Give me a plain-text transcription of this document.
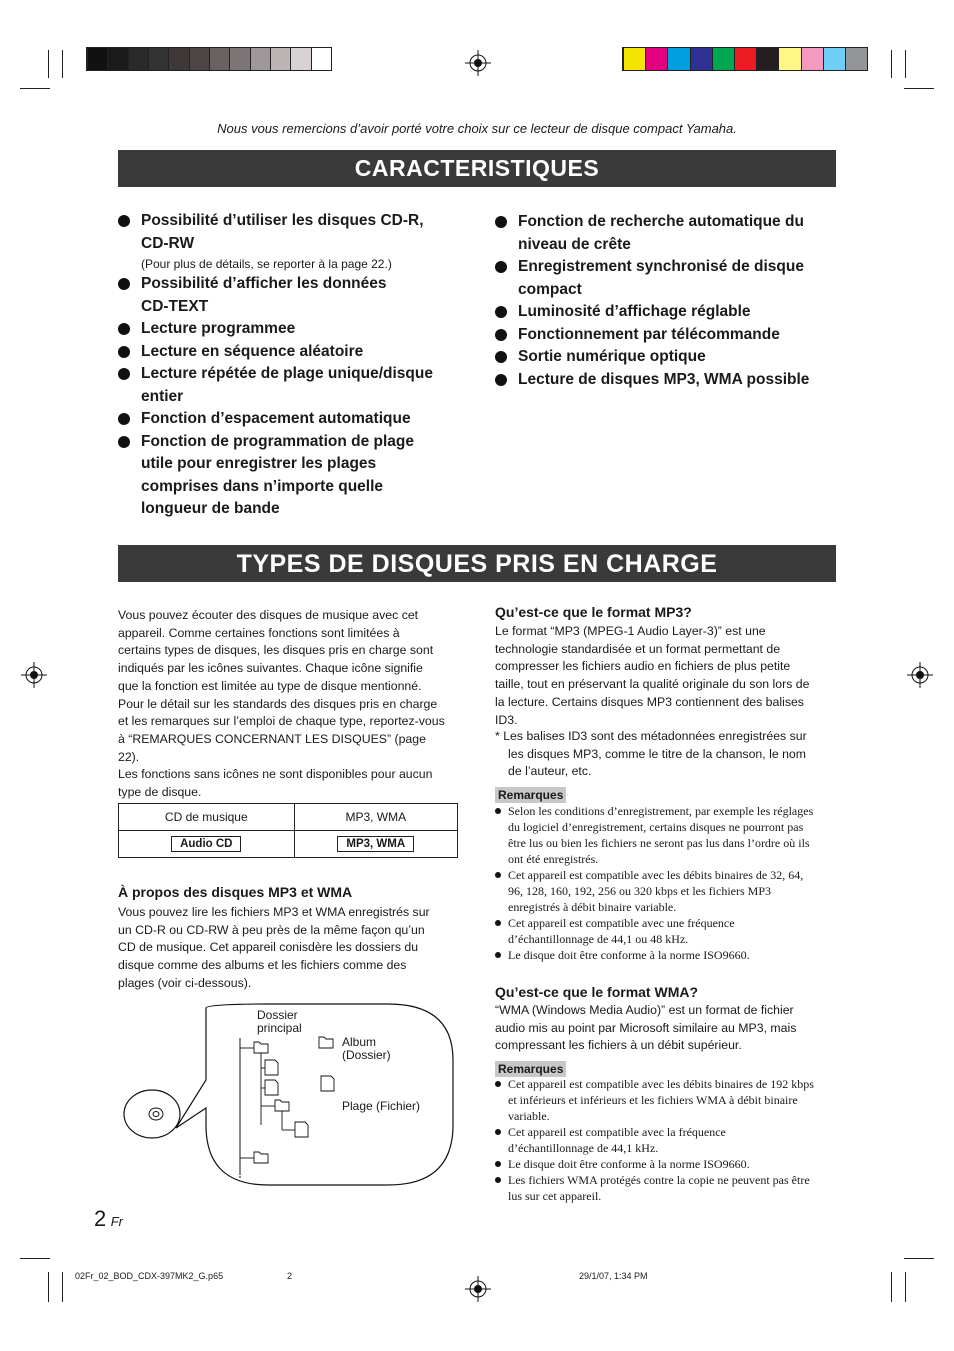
Nous vous remercions d’avoir porté votre choix sur ce lecteur de disque compact Yamaha.
CARACTERISTIQUES
Possibilité d’utiliser les disques CD-R,
CD-RW
(Pour plus de détails, se reporter à la page 22.)
Possibilité d’afficher les données
CD-TEXT
Lecture programmee
Lecture en séquence aléatoire
Lecture répétée de plage unique/disque
entier
Fonction d’espacement automatique
Fonction de programmation de plage
utile pour enregistrer les plages
comprises dans n’importe quelle
longueur de bande
Fonction de recherche automatique du
niveau de crête
Enregistrement synchronisé de disque
compact
Luminosité d’affichage réglable
Fonctionnement par télécommande
Sortie numérique optique
Lecture de disques MP3, WMA possible
TYPES DE DISQUES PRIS EN CHARGE
Vous pouvez écouter des disques de musique avec cet
appareil. Comme certaines fonctions sont limitées à
certains types de disques, les disques pris en charge sont
indiqués par les icônes suivantes. Chaque icône signifie
que la fonction est limitée au type de disque mentionné.
Pour le détail sur les standards des disques pris en charge
et les remarques sur l’emploi de chaque type, reportez-vous
à “REMARQUES CONCERNANT LES DISQUES” (page
22).
Les fonctions sans icônes ne sont disponibles pour aucun
type de disque.
CD de musique	MP3, WMA
Audio CD	MP3, WMA
À propos des disques MP3 et WMA
Vous pouvez lire les fichiers MP3 et WMA enregistrés sur
un CD-R ou CD-RW à peu près de la même façon qu’un
CD de musique. Cet appareil conisdère les dossiers du
disque comme des albums et les fichiers comme des
plages (voir ci-dessous).
Dossier
principal
Album
(Dossier)
Plage (Fichier)
Qu’est-ce que le format MP3?
Le format “MP3 (MPEG-1 Audio Layer-3)” est une
technologie standardisée et un format permettant de
compresser les fichiers audio en fichiers de plus petite
taille, tout en préservant la qualité originale du son lors de
la lecture. Certains disques MP3 contiennent des balises
ID3.
* Les balises ID3 sont des métadonnées enregistrées sur
les disques MP3, comme le titre de la chanson, le nom
de l’auteur, etc.
Remarques
Selon les conditions d’enregistrement, par exemple les réglages
du logiciel d’enregistrement, certains disques ne pourront pas
être lus ou bien les fichiers ne seront pas lus dans l’ordre où ils
ont été enregistrés.
Cet appareil est compatible avec les débits binaires de 32, 64,
96, 128, 160, 192, 256 ou 320 kbps et les fichiers MP3
enregistrés à débit binaire variable.
Cet appareil est compatible avec une fréquence
d’échantillonnage de 44,1 ou 48 kHz.
Le disque doit être conforme à la norme ISO9660.
Qu’est-ce que le format WMA?
“WMA (Windows Media Audio)” est un format de fichier
audio mis au point par Microsoft similaire au MP3, mais
compressant les fichiers à un débit supérieur.
Remarques
Cet appareil est compatible avec les débits binaires de 192 kbps
et inférieurs et inférieurs et les fichiers WMA à débit binaire
variable.
Cet appareil est compatible avec la fréquence
d’échantillonnage de 44,1 kHz.
Le disque doit être conforme à la norme ISO9660.
Les fichiers WMA protégés contre la copie ne peuvent pas être
lus sur cet appareil.
2 Fr
02Fr_02_BOD_CDX-397MK2_G.p65	2	29/1/07, 1:34 PM
